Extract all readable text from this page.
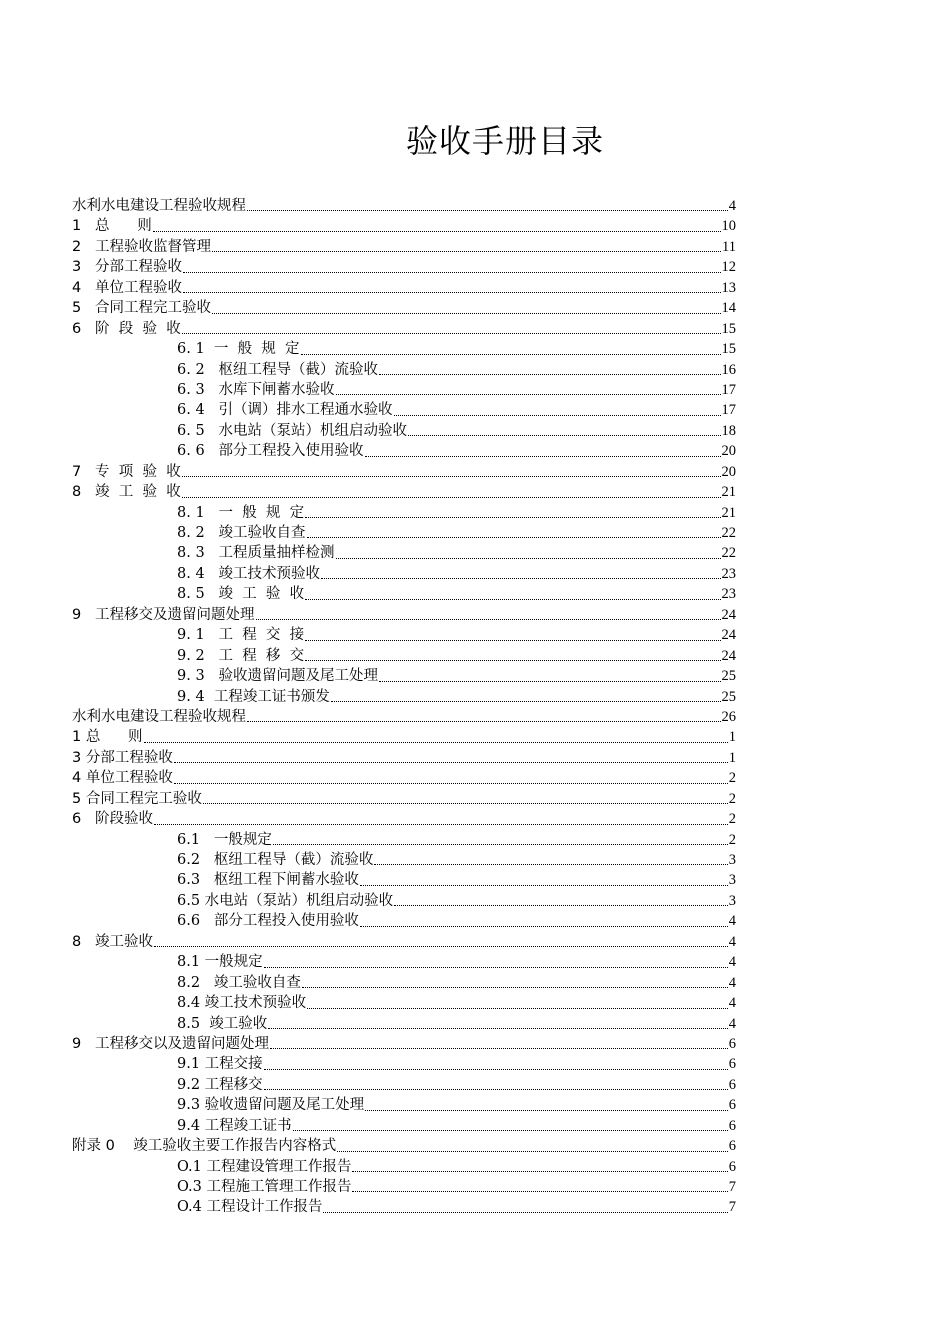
验收手册目录
水利水电建设工程验收规程	4
1   总      则	10
2   工程验收监督管理	11
3   分部工程验收	12
4   单位工程验收	13
5   合同工程完工验收	14
6   阶  段  验  收	15
6. 1  一  般  规  定	15
6. 2   枢纽工程导（截）流验收	16
6. 3   水库下闸蓄水验收	17
6. 4   引（调）排水工程通水验收	17
6. 5   水电站（泵站）机组启动验收	18
6. 6   部分工程投入使用验收	20
7   专  项  验  收	20
8   竣  工  验  收	21
8. 1   一  般  规  定	21
8. 2   竣工验收自查	22
8. 3   工程质量抽样检测	22
8. 4   竣工技术预验收	23
8. 5   竣  工  验  收	23
9   工程移交及遗留问题处理	24
9. 1   工  程  交  接	24
9. 2   工  程  移  交	24
9. 3   验收遗留问题及尾工处理	25
9. 4  工程竣工证书颁发	25
水利水电建设工程验收规程	26
1 总      则	1
3 分部工程验收	1
4 单位工程验收	2
5 合同工程完工验收	2
6   阶段验收	2
6.1   一般规定	2
6.2   枢纽工程导（截）流验收	3
6.3   枢纽工程下闸蓄水验收	3
6.5 水电站（泵站）机组启动验收	3
6.6   部分工程投入使用验收	4
8   竣工验收	4
8.1 一般规定	4
8.2   竣工验收自查	4
8.4 竣工技术预验收	4
8.5  竣工验收	4
9   工程移交以及遗留问题处理	6
9.1 工程交接	6
9.2 工程移交	6
9.3 验收遗留问题及尾工处理	6
9.4 工程竣工证书	6
附录 0    竣工验收主要工作报告内容格式	6
O.1 工程建设管理工作报告	6
O.3 工程施工管理工作报告	7
O.4 工程设计工作报告	7
